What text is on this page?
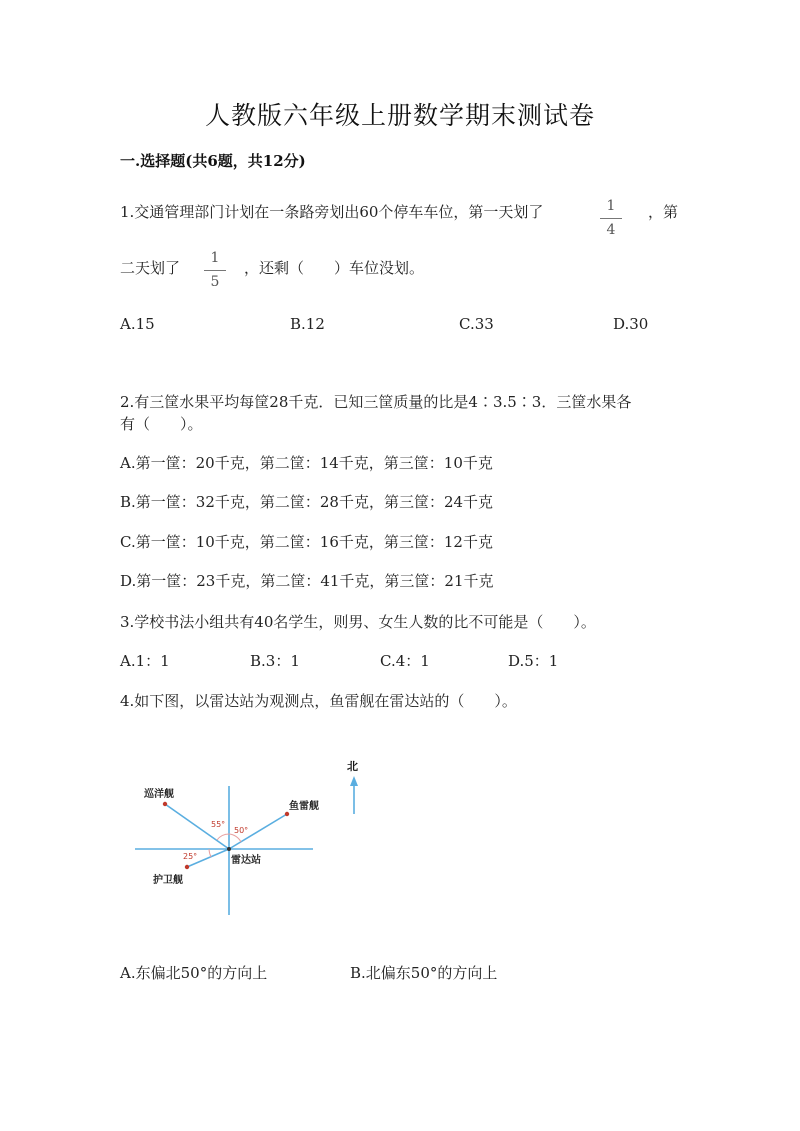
人教版六年级上册数学期末测试卷
一.选择题(共6题，共12分)
1.交通管理部门计划在一条路旁划出60个停车车位，第一天划了	1
4
，第
二天划了
1
5
，还剩（　　）车位没划。
A.15	B.12	C.33	D.30
2.有三筐水果平均每筐28千克．已知三筐质量的比是4∶3.5∶3．三筐水果各
有（　　）。
A.第一筐：20千克，第二筐：14千克，第三筐：10千克
B.第一筐：32千克，第二筐：28千克，第三筐：24千克
C.第一筐：10千克，第二筐：16千克，第三筐：12千克
D.第一筐：23千克，第二筐：41千克，第三筐：21千克
3.学校书法小组共有40名学生，则男、女生人数的比不可能是（　　）。
A.1：1	B.3：1	C.4：1	D.5：1
4.如下图，以雷达站为观测点，鱼雷舰在雷达站的（　　）。
北
巡洋舰
鱼雷舰
护卫舰
雷达站
55°
50°
25°
A.东偏北50°的方向上	B.北偏东50°的方向上
